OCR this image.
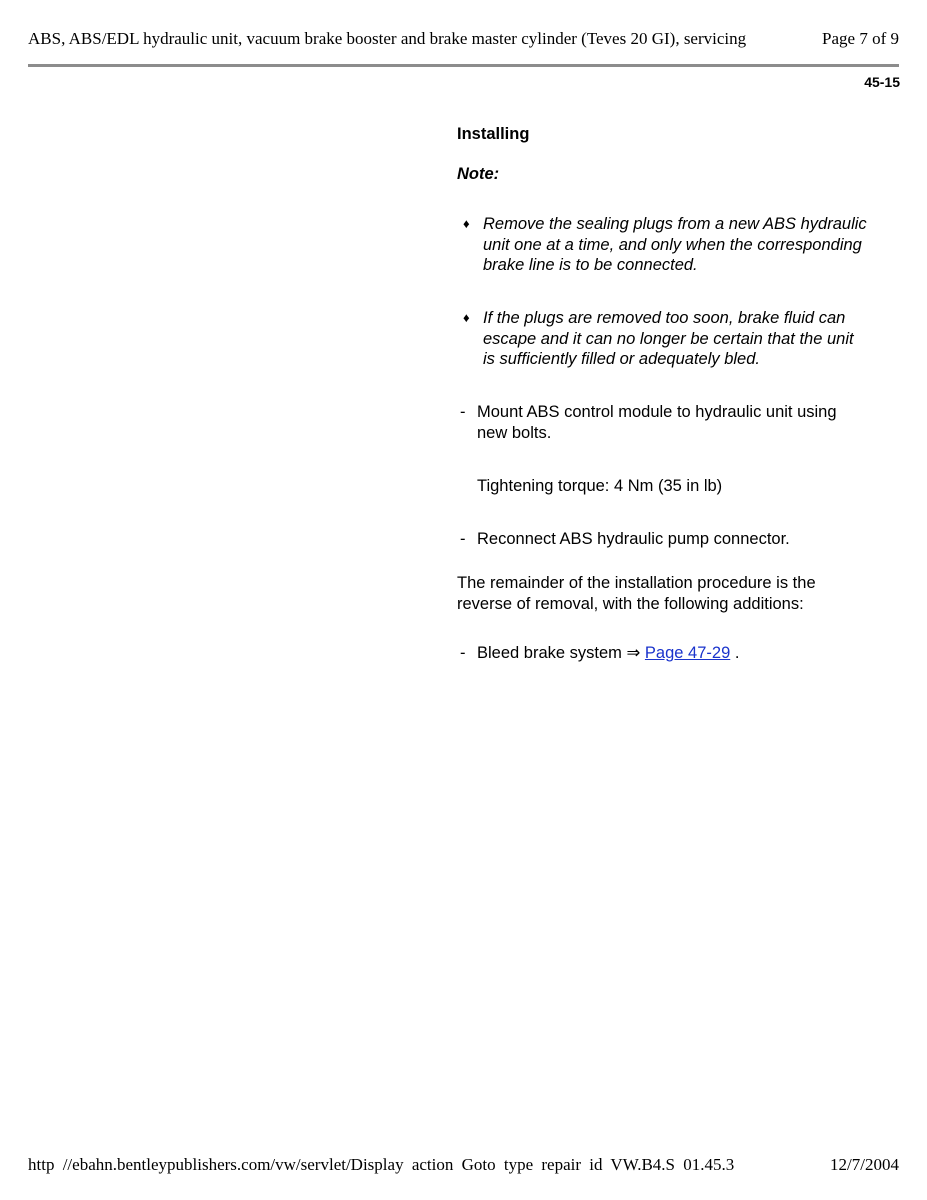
ABS, ABS/EDL hydraulic unit, vacuum brake booster and brake master cylinder (Teves 20 GI), servicing	Page 7 of 9
45-15
Installing
Note:
♦ Remove the sealing plugs from a new ABS hydraulic unit one at a time, and only when the corresponding brake line is to be connected.
♦ If the plugs are removed too soon, brake fluid can escape and it can no longer be certain that the unit is sufficiently filled or adequately bled.
- Mount ABS control module to hydraulic unit using new bolts.
Tightening torque: 4 Nm (35 in lb)
- Reconnect ABS hydraulic pump connector.
The remainder of the installation procedure is the reverse of removal, with the following additions:
- Bleed brake system ⇒ Page 47-29 .
http //ebahn.bentleypublishers.com/vw/servlet/Display action Goto type repair id VW.B4.S 01.45.3	12/7/2004
